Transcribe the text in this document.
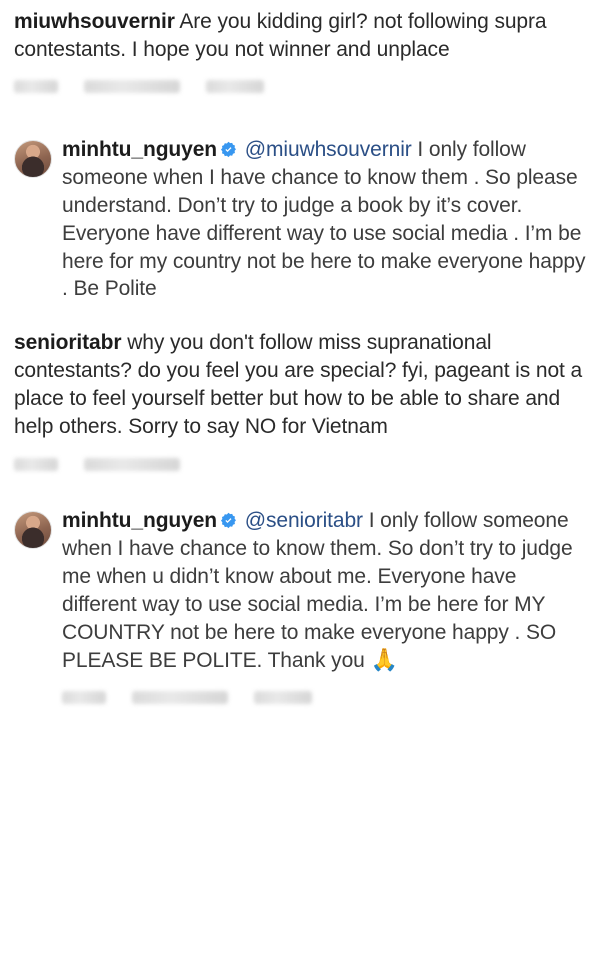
miuwhsouvernir Are you kidding girl? not following supra contestants. I hope you not winner and unplace
minhtu_nguyen @miuwhsouvernir I only follow someone when I have chance to know them . So please understand. Don’t try to judge a book by it’s cover. Everyone have different way to use social media . I’m be here for my country not be here to make everyone happy . Be Polite
senioritabr why you don't follow miss supranational contestants? do you feel you are special? fyi, pageant is not a place to feel yourself better but how to be able to share and help others. Sorry to say NO for Vietnam
minhtu_nguyen @senioritabr I only follow someone when I have chance to know them. So don’t try to judge me when u didn’t know about me. Everyone have different way to use social media. I’m be here for MY COUNTRY not be here to make everyone happy . SO PLEASE BE POLITE. Thank you 🙏
